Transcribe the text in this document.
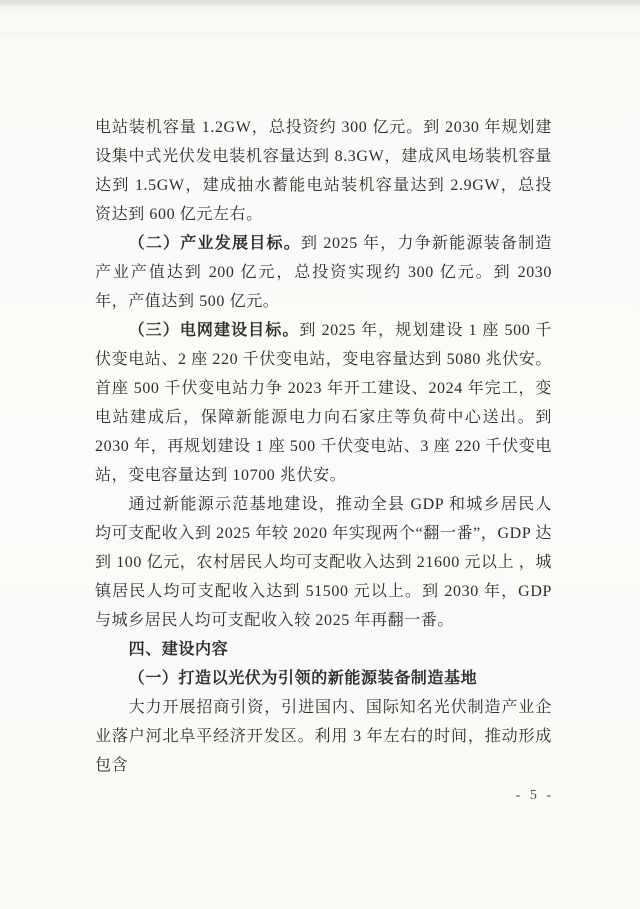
电站装机容量 1.2GW，总投资约 300 亿元。到 2030 年规划建设集中式光伏发电装机容量达到 8.3GW，建成风电场装机容量达到 1.5GW，建成抽水蓄能电站装机容量达到 2.9GW，总投资达到 600 亿元左右。

（二）产业发展目标。到 2025 年，力争新能源装备制造产业产值达到 200 亿元，总投资实现约 300 亿元。到 2030 年，产值达到 500 亿元。

（三）电网建设目标。到 2025 年，规划建设 1 座 500 千伏变电站、2 座 220 千伏变电站，变电容量达到 5080 兆伏安。首座 500 千伏变电站力争 2023 年开工建设、2024 年完工，变电站建成后，保障新能源电力向石家庄等负荷中心送出。到 2030 年，再规划建设 1 座 500 千伏变电站、3 座 220 千伏变电站，变电容量达到 10700 兆伏安。

通过新能源示范基地建设，推动全县 GDP 和城乡居民人均可支配收入到 2025 年较 2020 年实现两个“翻一番”，GDP 达到 100 亿元，农村居民人均可支配收入达到 21600 元以上 ，城镇居民人均可支配收入达到 51500 元以上。到 2030 年，GDP 与城乡居民人均可支配收入较 2025 年再翻一番。

四、建设内容

（一）打造以光伏为引领的新能源装备制造基地

大力开展招商引资，引进国内、国际知名光伏制造产业企业落户河北阜平经济开发区。利用 3 年左右的时间，推动形成包含

- 5 -
